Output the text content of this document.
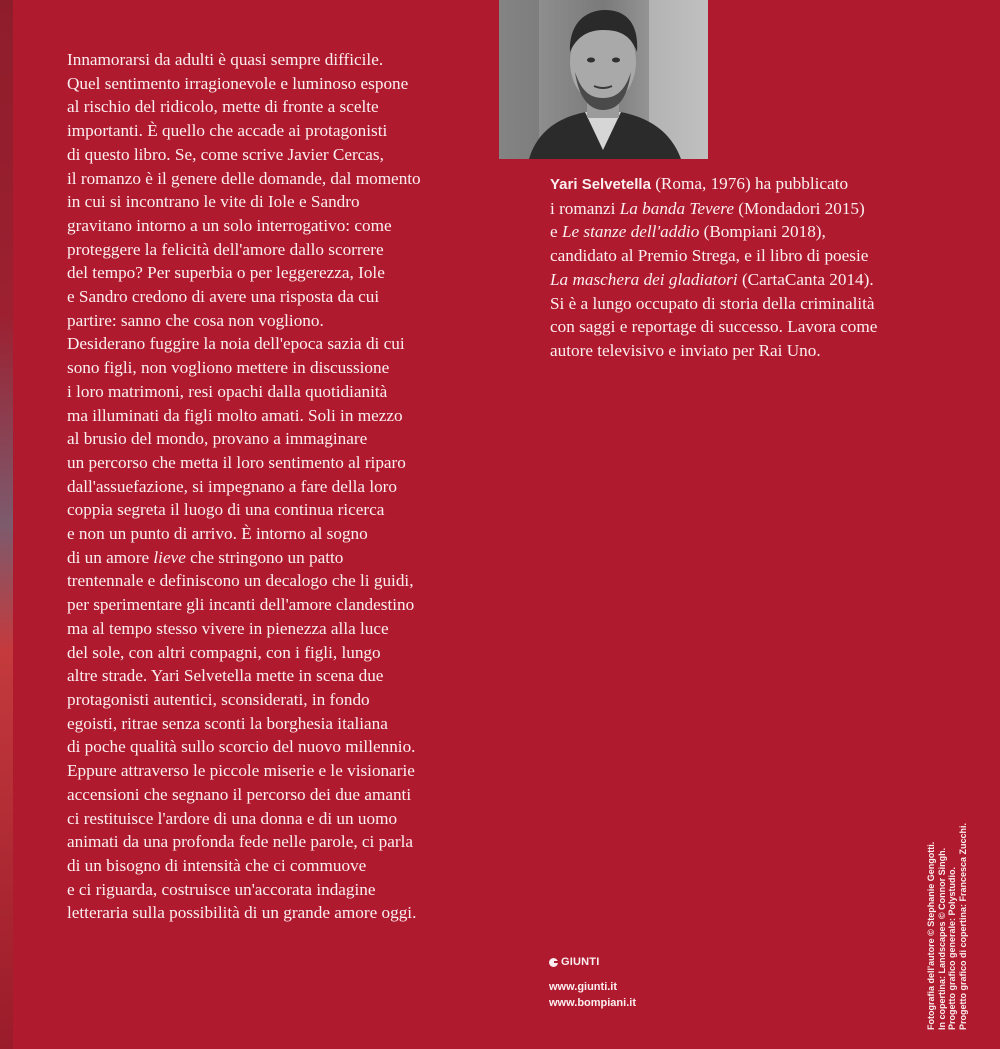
Innamorarsi da adulti è quasi sempre difficile.
Quel sentimento irragionevole e luminoso espone
al rischio del ridicolo, mette di fronte a scelte
importanti. È quello che accade ai protagonisti
di questo libro. Se, come scrive Javier Cercas,
il romanzo è il genere delle domande, dal momento
in cui si incontrano le vite di Iole e Sandro
gravitano intorno a un solo interrogativo: come
proteggere la felicità dell'amore dallo scorrere
del tempo? Per superbia o per leggerezza, Iole
e Sandro credono di avere una risposta da cui
partire: sanno che cosa non vogliono.
Desiderano fuggire la noia dell'epoca sazia di cui
sono figli, non vogliono mettere in discussione
i loro matrimoni, resi opachi dalla quotidianità
ma illuminati da figli molto amati. Soli in mezzo
al brusio del mondo, provano a immaginare
un percorso che metta il loro sentimento al riparo
dall'assuefazione, si impegnano a fare della loro
coppia segreta il luogo di una continua ricerca
e non un punto di arrivo. È intorno al sogno
di un amore lieve che stringono un patto
trentennale e definiscono un decalogo che li guidi,
per sperimentare gli incanti dell'amore clandestino
ma al tempo stesso vivere in pienezza alla luce
del sole, con altri compagni, con i figli, lungo
altre strade. Yari Selvetella mette in scena due
protagonisti autentici, sconsiderati, in fondo
egoisti, ritrae senza sconti la borghesia italiana
di poche qualità sullo scorcio del nuovo millennio.
Eppure attraverso le piccole miserie e le visionarie
accensioni che segnano il percorso dei due amanti
ci restituisce l'ardore di una donna e di un uomo
animati da una profonda fede nelle parole, ci parla
di un bisogno di intensità che ci commuove
e ci riguarda, costruisce un'accorata indagine
letteraria sulla possibilità di un grande amore oggi.

Yari Selvetella (Roma, 1976) ha pubblicato
i romanzi La banda Tevere (Mondadori 2015)
e Le stanze dell'addio (Bompiani 2018),
candidato al Premio Strega, e il libro di poesie
La maschera dei gladiatori (CartaCanta 2014).
Si è a lungo occupato di storia della criminalità
con saggi e reportage di successo. Lavora come
autore televisivo e inviato per Rai Uno.

GIUNTI
www.giunti.it
www.bompiani.it	Fotografia dell'autore © Stephanie Gengotti. In copertina: Landscapes © Connor Singh. Progetto grafico generale: Polystudio. Progetto grafico di copertina: Francesca Zucchi.
